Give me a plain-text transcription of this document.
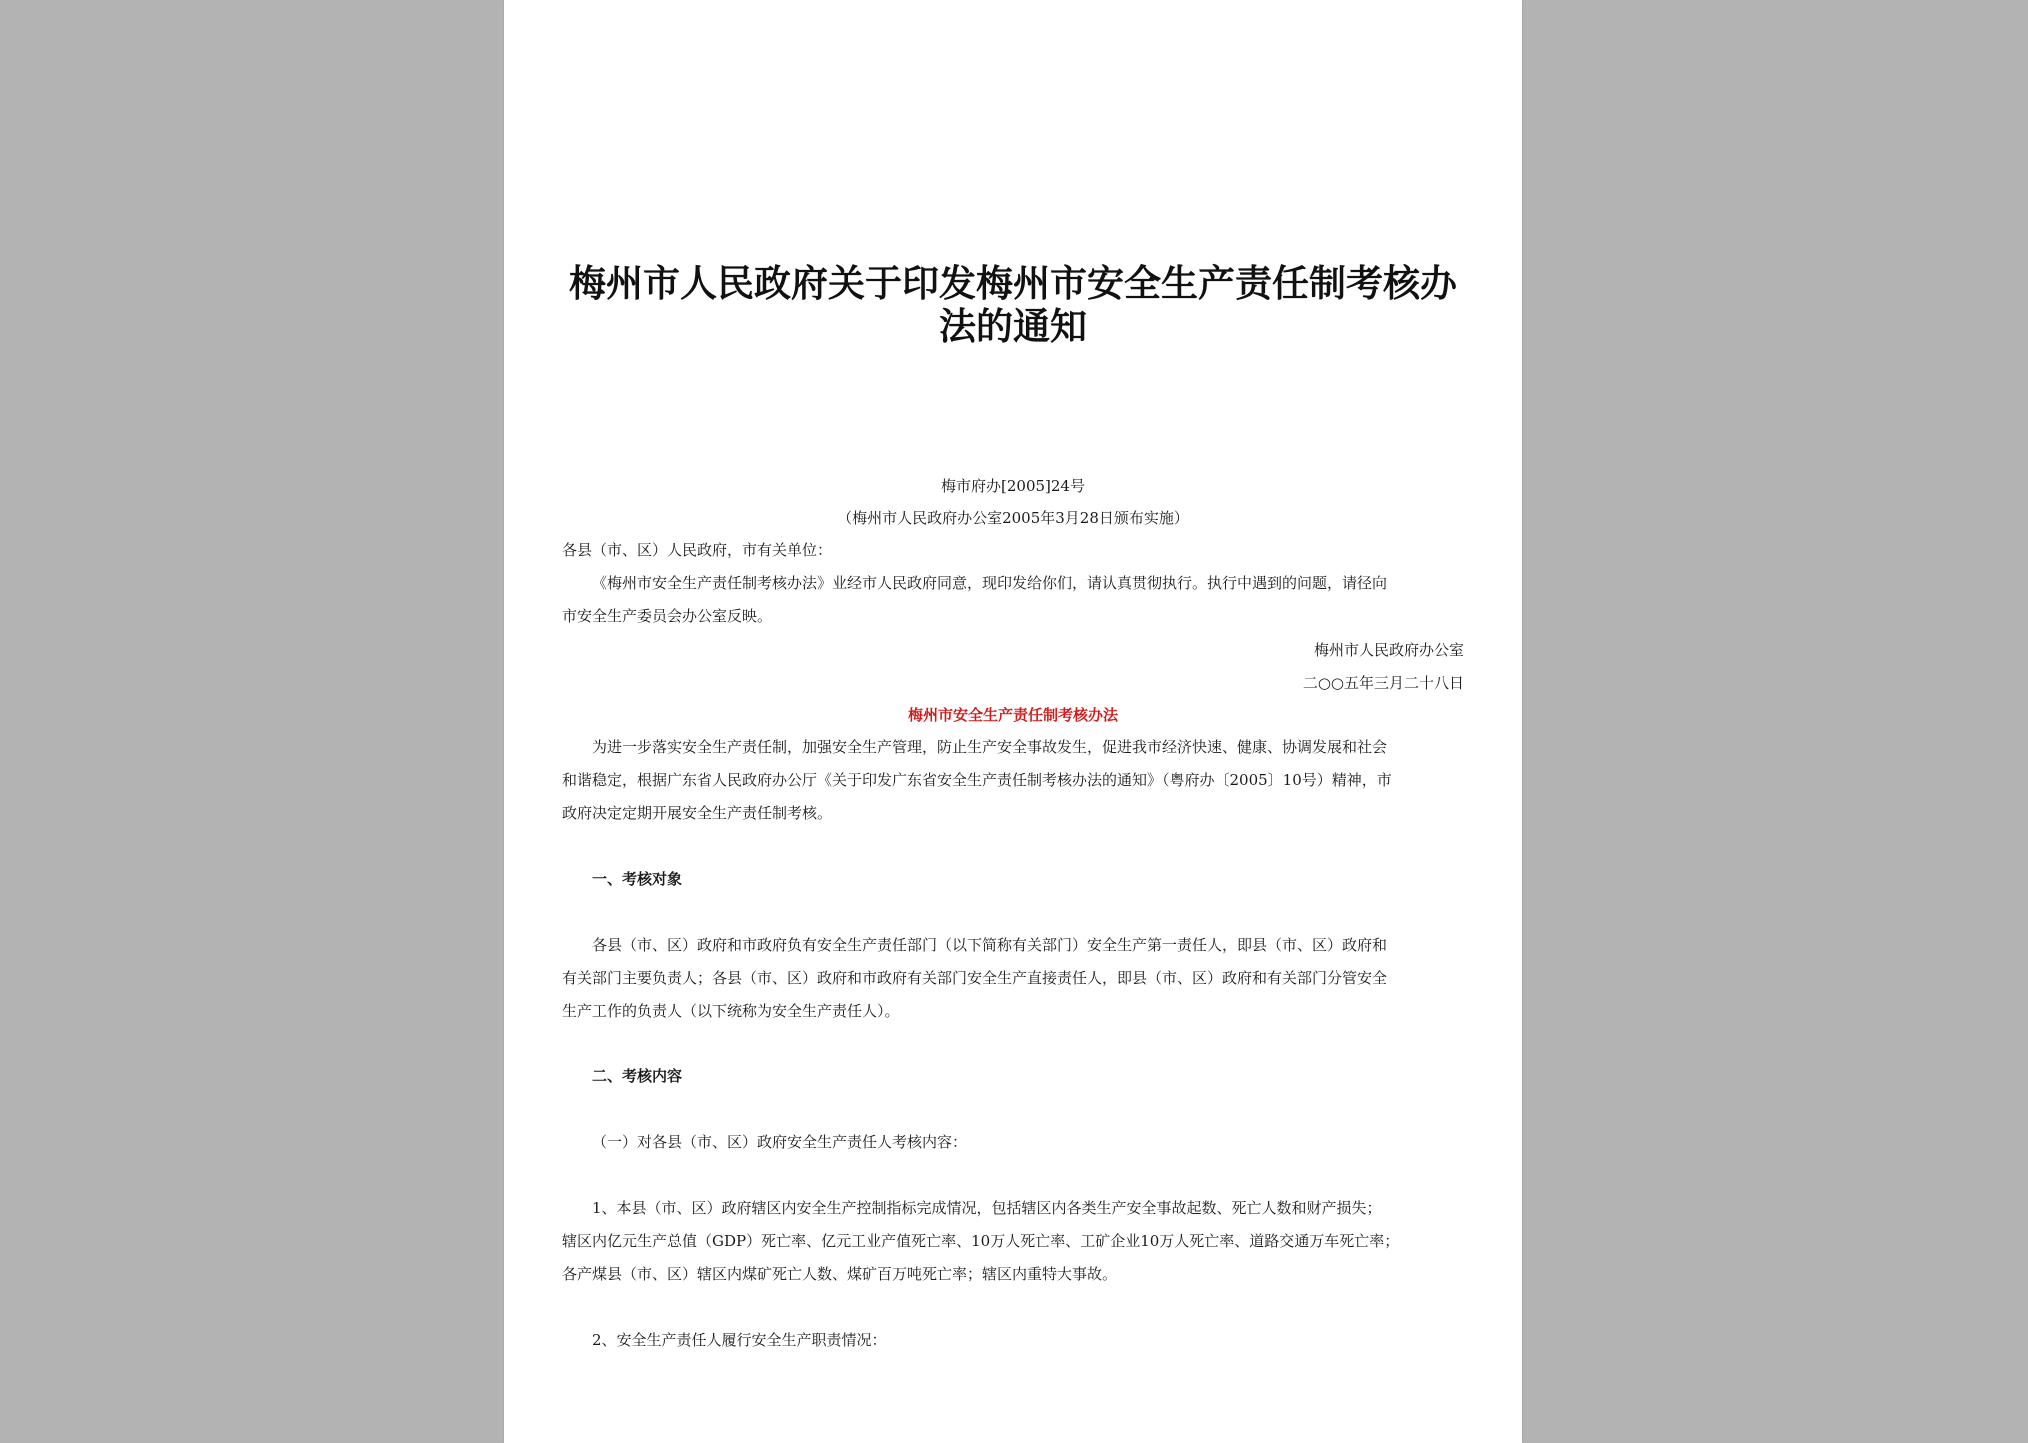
梅州市人民政府关于印发梅州市安全生产责任制考核办
法的通知

梅市府办[2005]24号

（梅州市人民政府办公室2005年3月28日颁布实施）

各县（市、区）人民政府，市有关单位：

《梅州市安全生产责任制考核办法》业经市人民政府同意，现印发给你们，请认真贯彻执行。执行中遇到的问题，请径向

市安全生产委员会办公室反映。

梅州市人民政府办公室

二○○五年三月二十八日

梅州市安全生产责任制考核办法

为进一步落实安全生产责任制，加强安全生产管理，防止生产安全事故发生，促进我市经济快速、健康、协调发展和社会

和谐稳定，根据广东省人民政府办公厅《关于印发广东省安全生产责任制考核办法的通知》（粤府办〔2005〕10号）精神，市

政府决定定期开展安全生产责任制考核。

一、考核对象

各县（市、区）政府和市政府负有安全生产责任部门（以下简称有关部门）安全生产第一责任人，即县（市、区）政府和

有关部门主要负责人；各县（市、区）政府和市政府有关部门安全生产直接责任人，即县（市、区）政府和有关部门分管安全

生产工作的负责人（以下统称为安全生产责任人）。

二、考核内容

（一）对各县（市、区）政府安全生产责任人考核内容：

1、本县（市、区）政府辖区内安全生产控制指标完成情况，包括辖区内各类生产安全事故起数、死亡人数和财产损失；

辖区内亿元生产总值（GDP）死亡率、亿元工业产值死亡率、10万人死亡率、工矿企业10万人死亡率、道路交通万车死亡率；

各产煤县（市、区）辖区内煤矿死亡人数、煤矿百万吨死亡率；辖区内重特大事故。

2、安全生产责任人履行安全生产职责情况：
